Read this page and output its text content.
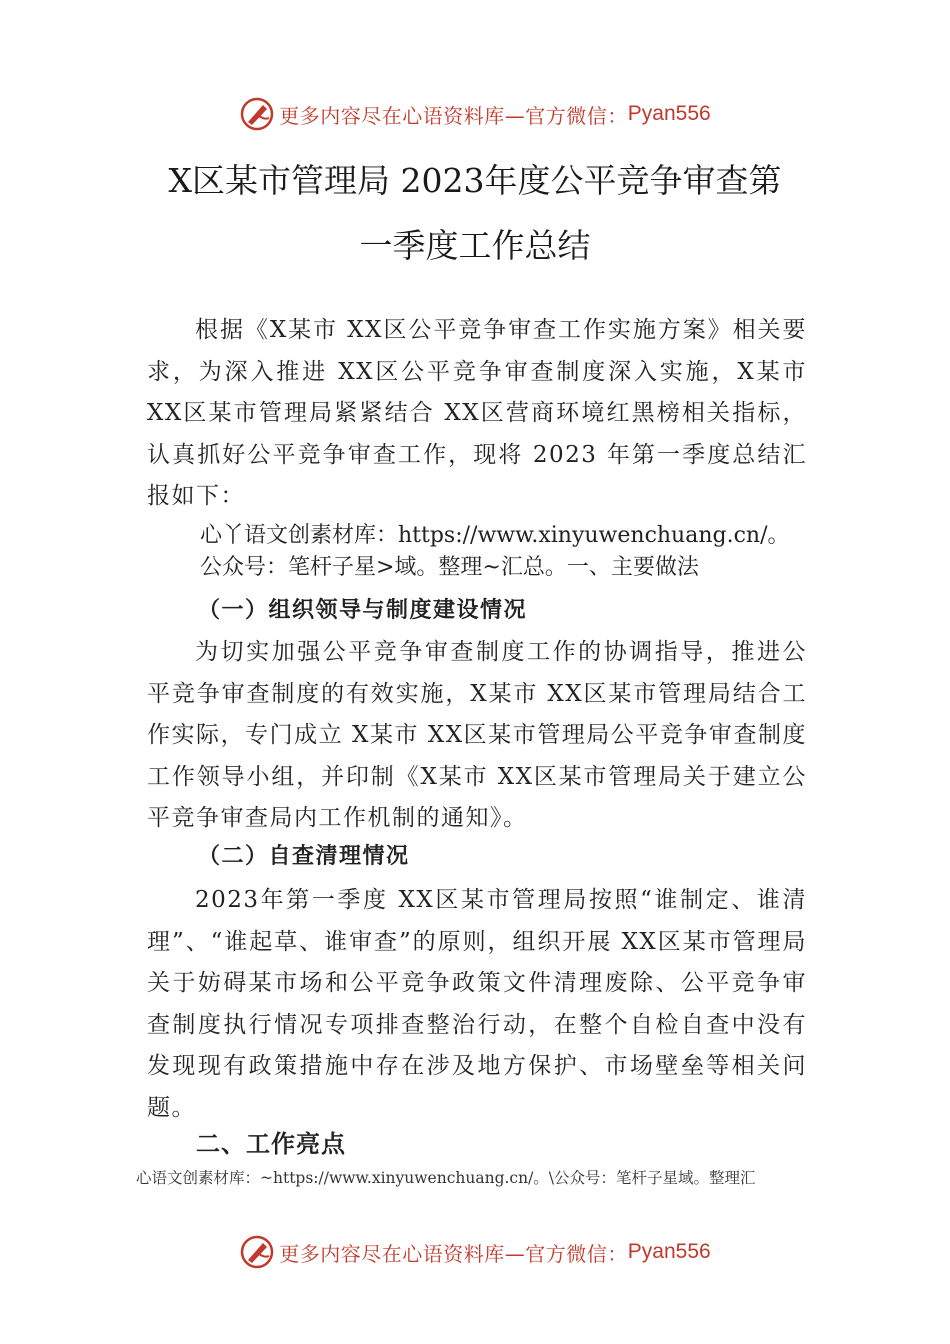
更多内容尽在心语资料库—官方微信： Pyan556
X区某市管理局 2023年度公平竞争审查第
一季度工作总结

根据《X某市 XX区公平竞争审查工作实施方案》相关要求，为深入推进 XX区公平竞争审查制度深入实施，X某市 XX区某市管理局紧紧结合 XX区营商环境红黑榜相关指标，认真抓好公平竞争审查工作，现将 2023 年第一季度总结汇报如下：

心丫语文创素材库：https://www.xinyuwenchuang.cn/。

公众号：笔杆子星>域。整理~汇总。一、主要做法

（一）组织领导与制度建设情况

为切实加强公平竞争审查制度工作的协调指导，推进公平竞争审查制度的有效实施，X某市 XX区某市管理局结合工作实际，专门成立 X某市 XX区某市管理局公平竞争审查制度工作领导小组，并印制《X某市 XX区某市管理局关于建立公平竞争审查局内工作机制的通知》。

（二）自查清理情况

2023年第一季度 XX区某市管理局按照“谁制定、谁清理”、“谁起草、谁审查”的原则，组织开展 XX区某市管理局关于妨碍某市场和公平竞争政策文件清理废除、公平竞争审查制度执行情况专项排查整治行动，在整个自检自查中没有发现现有政策措施中存在涉及地方保护、市场壁垒等相关问题。

二、工作亮点

心语文创素材库：~https://www.xinyuwenchuang.cn/。\公众号：笔杆子星域。整理汇

更多内容尽在心语资料库—官方微信： Pyan556
